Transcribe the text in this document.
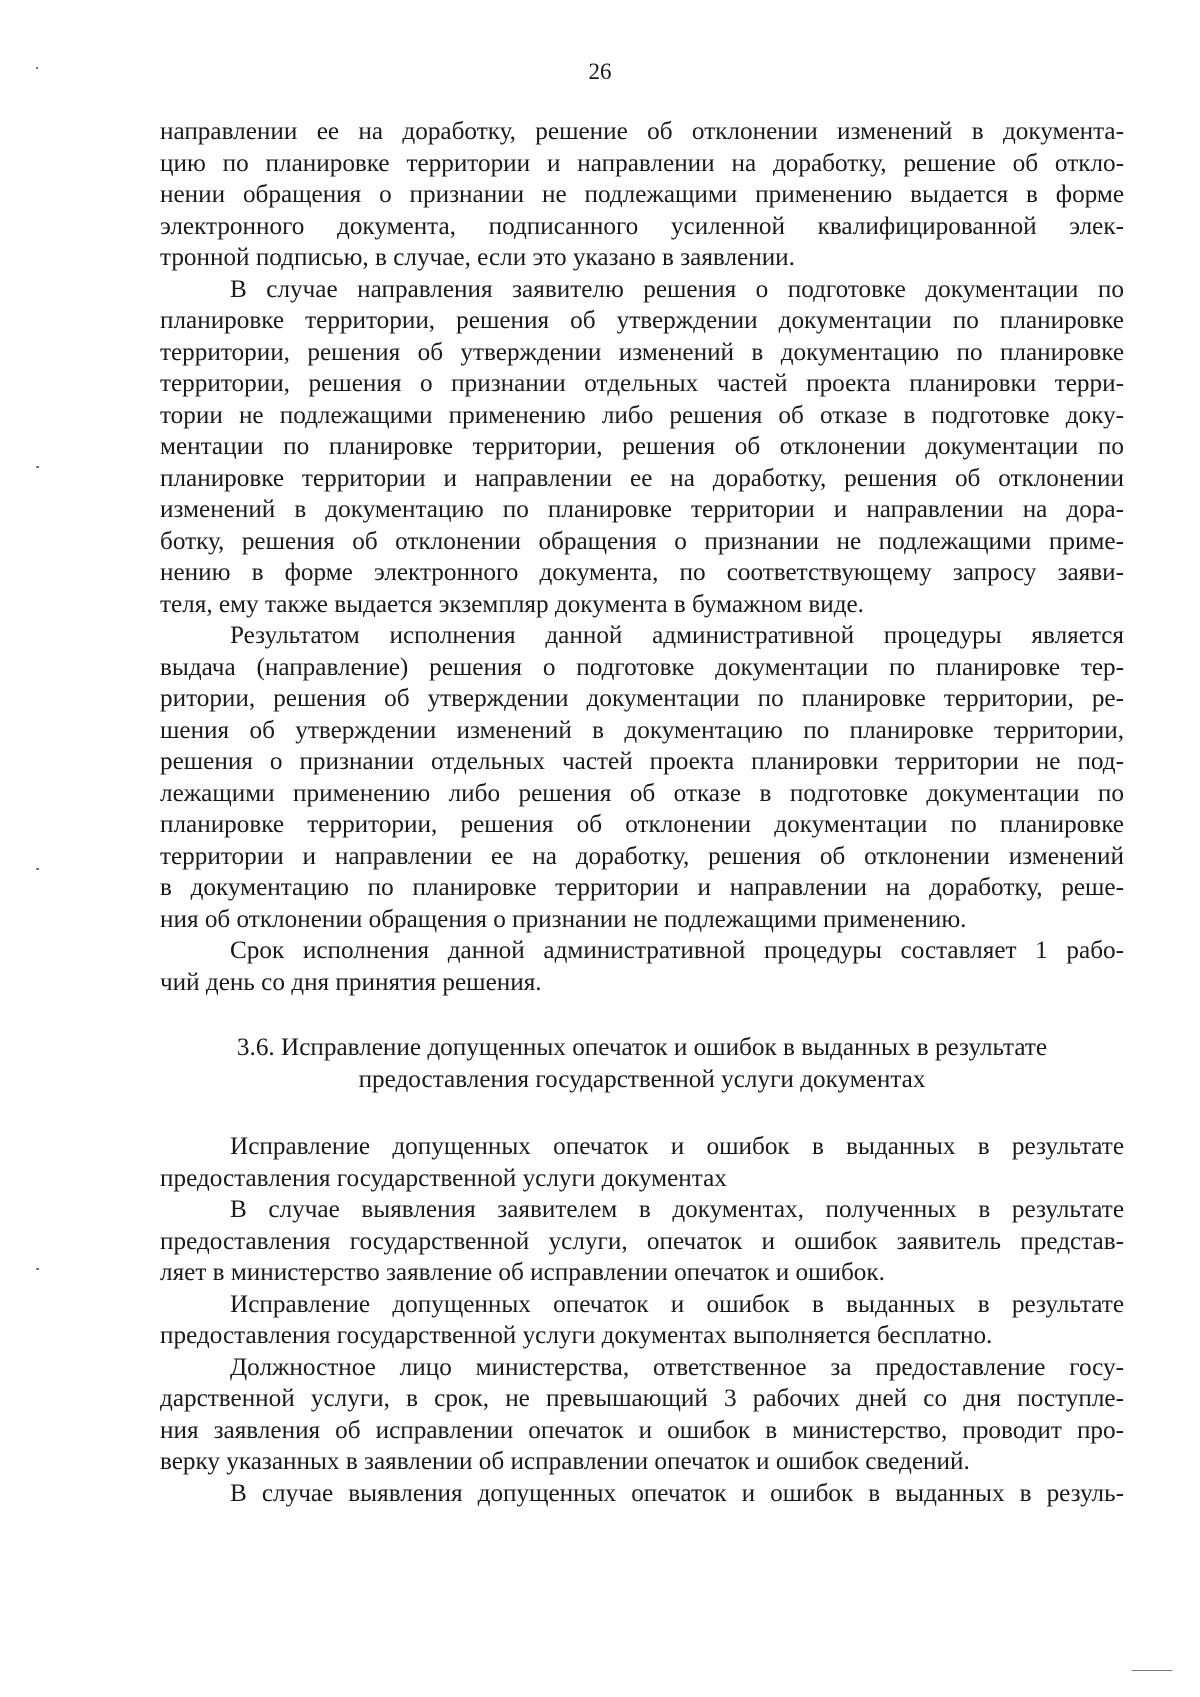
26
направлении ее на доработку, решение об отклонении изменений в документа-
цию по планировке территории и направлении на доработку, решение об откло-
нении обращения о признании не подлежащими применению выдается в форме
электронного документа, подписанного усиленной квалифицированной элек-
тронной подписью, в случае, если это указано в заявлении.
В случае направления заявителю решения о подготовке документации по
планировке территории, решения об утверждении документации по планировке
территории, решения об утверждении изменений в документацию по планировке
территории, решения о признании отдельных частей проекта планировки терри-
тории не подлежащими применению либо решения об отказе в подготовке доку-
ментации по планировке территории, решения об отклонении документации по
планировке территории и направлении ее на доработку, решения об отклонении
изменений в документацию по планировке территории и направлении на дора-
ботку, решения об отклонении обращения о признании не подлежащими приме-
нению в форме электронного документа, по соответствующему запросу заяви-
теля, ему также выдается экземпляр документа в бумажном виде.
Результатом исполнения данной административной процедуры является
выдача (направление) решения о подготовке документации по планировке тер-
ритории, решения об утверждении документации по планировке территории, ре-
шения об утверждении изменений в документацию по планировке территории,
решения о признании отдельных частей проекта планировки территории не под-
лежащими применению либо решения об отказе в подготовке документации по
планировке территории, решения об отклонении документации по планировке
территории и направлении ее на доработку, решения об отклонении изменений
в документацию по планировке территории и направлении на доработку, реше-
ния об отклонении обращения о признании не подлежащими применению.
Срок исполнения данной административной процедуры составляет 1 рабо-
чий день со дня принятия решения.
3.6. Исправление допущенных опечаток и ошибок в выданных в результате
предоставления государственной услуги документах
Исправление допущенных опечаток и ошибок в выданных в результате
предоставления государственной услуги документах
В случае выявления заявителем в документах, полученных в результате
предоставления государственной услуги, опечаток и ошибок заявитель представ-
ляет в министерство заявление об исправлении опечаток и ошибок.
Исправление допущенных опечаток и ошибок в выданных в результате
предоставления государственной услуги документах выполняется бесплатно.
Должностное лицо министерства, ответственное за предоставление госу-
дарственной услуги, в срок, не превышающий 3 рабочих дней со дня поступле-
ния заявления об исправлении опечаток и ошибок в министерство, проводит про-
верку указанных в заявлении об исправлении опечаток и ошибок сведений.
В случае выявления допущенных опечаток и ошибок в выданных в резуль-
